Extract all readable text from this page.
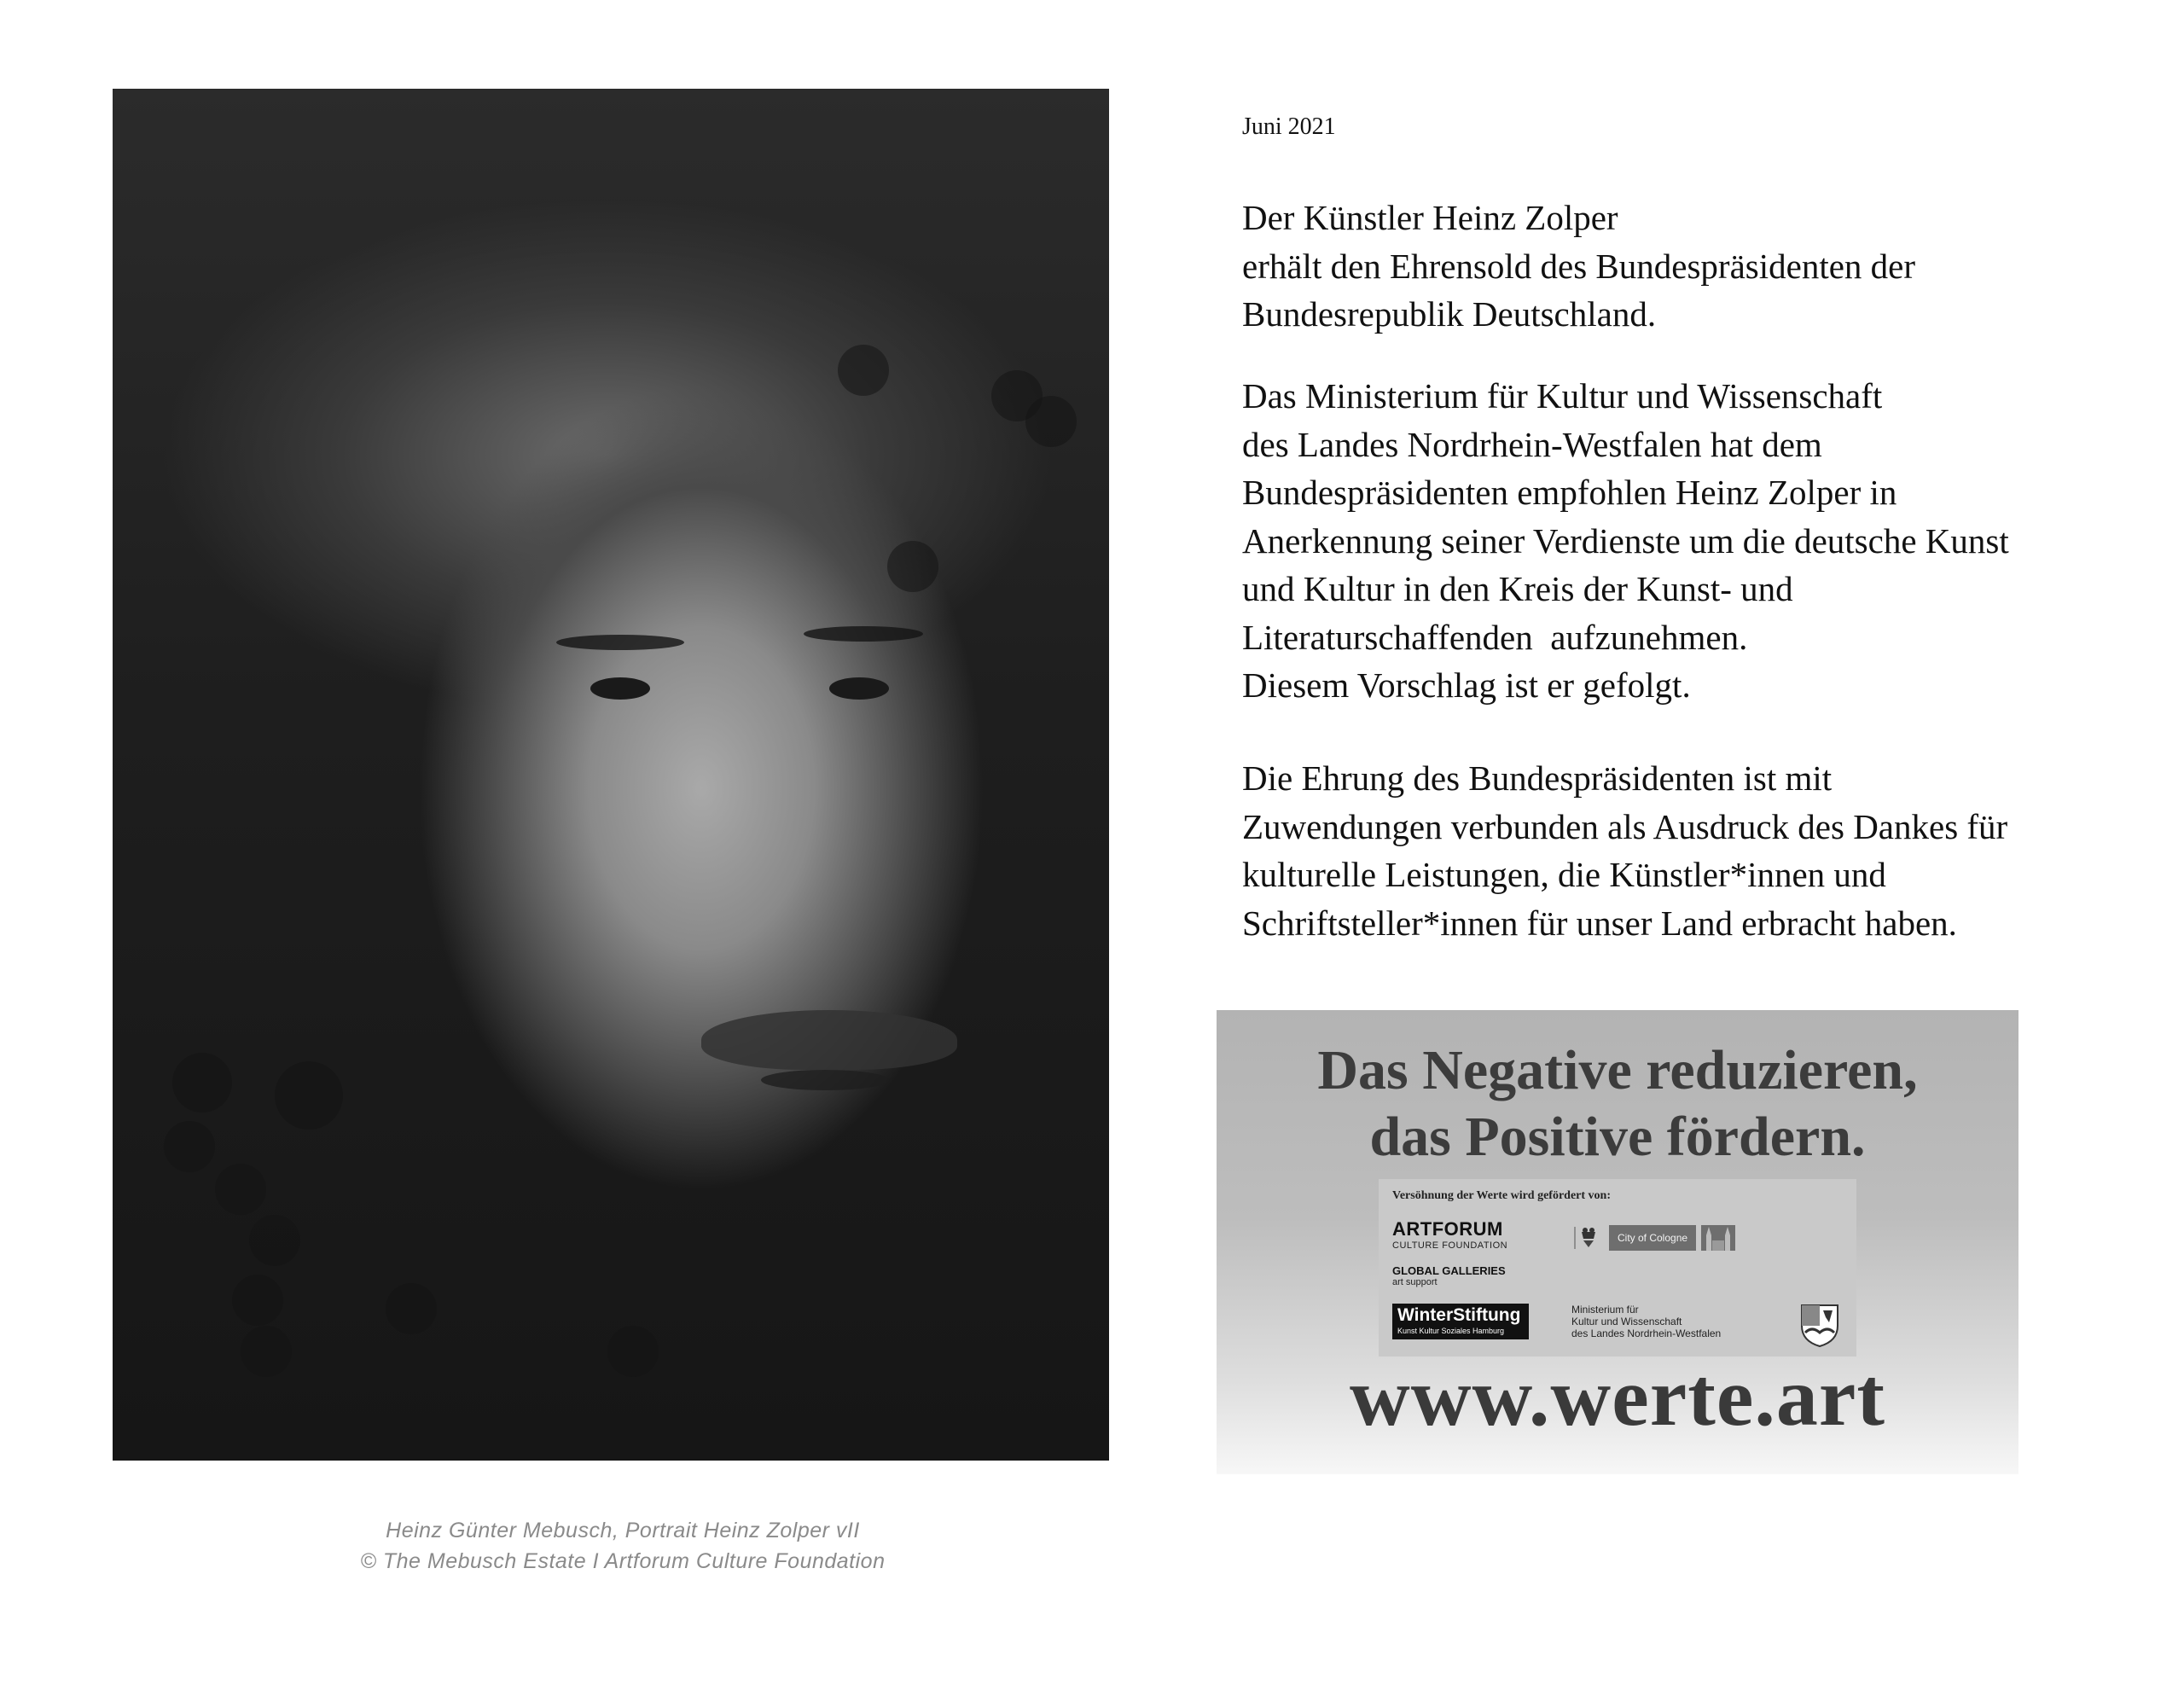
Heinz Günter Mebusch, Portrait Heinz Zolper vII
© The Mebusch Estate I Artforum Culture Foundation
Juni 2021
Der Künstler Heinz Zolper
erhält den Ehrensold des Bundespräsidenten der
Bundesrepublik Deutschland.
Das Ministerium für Kultur und Wissenschaft
des Landes Nordrhein-Westfalen hat dem
Bundespräsidenten empfohlen Heinz Zolper in
Anerkennung seiner Verdienste um die deutsche Kunst
und Kultur in den Kreis der Kunst- und
Literaturschaffenden  aufzunehmen.
Diesem Vorschlag ist er gefolgt.
Die Ehrung des Bundespräsidenten ist mit
Zuwendungen verbunden als Ausdruck des Dankes für
kulturelle Leistungen, die Künstler*innen und
Schriftsteller*innen für unser Land erbracht haben.
Das Negative reduzieren,
das Positive fördern.
Versöhnung der Werte wird gefördert von:
ARTFORUM
CULTURE FOUNDATION
GLOBAL GALLERIES
art support
WinterStiftung
Kunst Kultur Soziales Hamburg
City of Cologne
Ministerium für
Kultur und Wissenschaft
des Landes Nordrhein-Westfalen
www.werte.art
